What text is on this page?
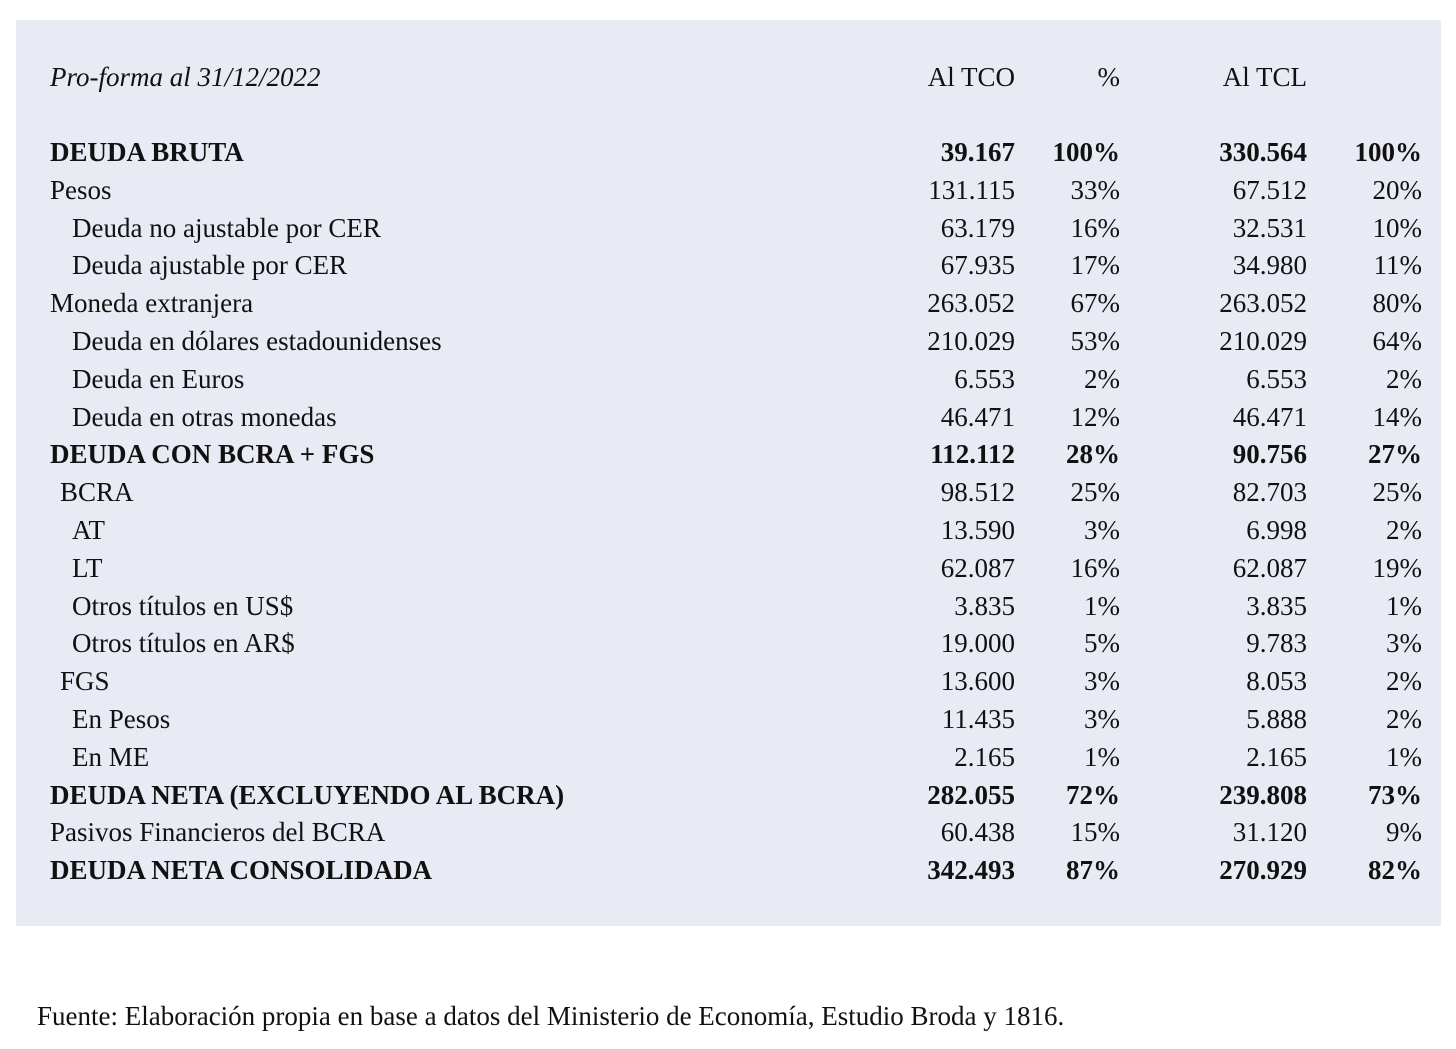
Pro-forma al 31/12/2022	Al TCO	%	Al TCL
DEUDA BRUTA	39.167 100%	330.564 100%
Pesos	131.115 33%	67.512 20%
Deuda no ajustable por CER	63.179 16%	32.531 10%
Deuda ajustable por CER	67.935 17%	34.980 11%
Moneda extranjera	263.052 67%	263.052 80%
Deuda en dólares estadounidenses	210.029 53%	210.029 64%
Deuda en Euros	6.553	2%	6.553	2%
Deuda en otras monedas	46.471 12%	46.471 14%
DEUDA CON BCRA + FGS	112.112 28%	90.756 27%
BCRA	98.512 25%	82.703 25%
AT	13.590	3%	6.998	2%
LT	62.087 16%	62.087 19%
Otros títulos en US$	3.835	1%	3.835	1%
Otros títulos en AR$	19.000	5%	9.783	3%
FGS	13.600	3%	8.053	2%
En Pesos	11.435	3%	5.888	2%
En ME	2.165	1%	2.165	1%
DEUDA NETA (EXCLUYENDO AL BCRA)	282.055 72%	239.808 73%
Pasivos Financieros del BCRA	60.438 15%	31.120	9%
DEUDA NETA CONSOLIDADA	342.493 87%	270.929 82%
Fuente: Elaboración propia en base a datos del Ministerio de Economía, Estudio Broda y 1816.
